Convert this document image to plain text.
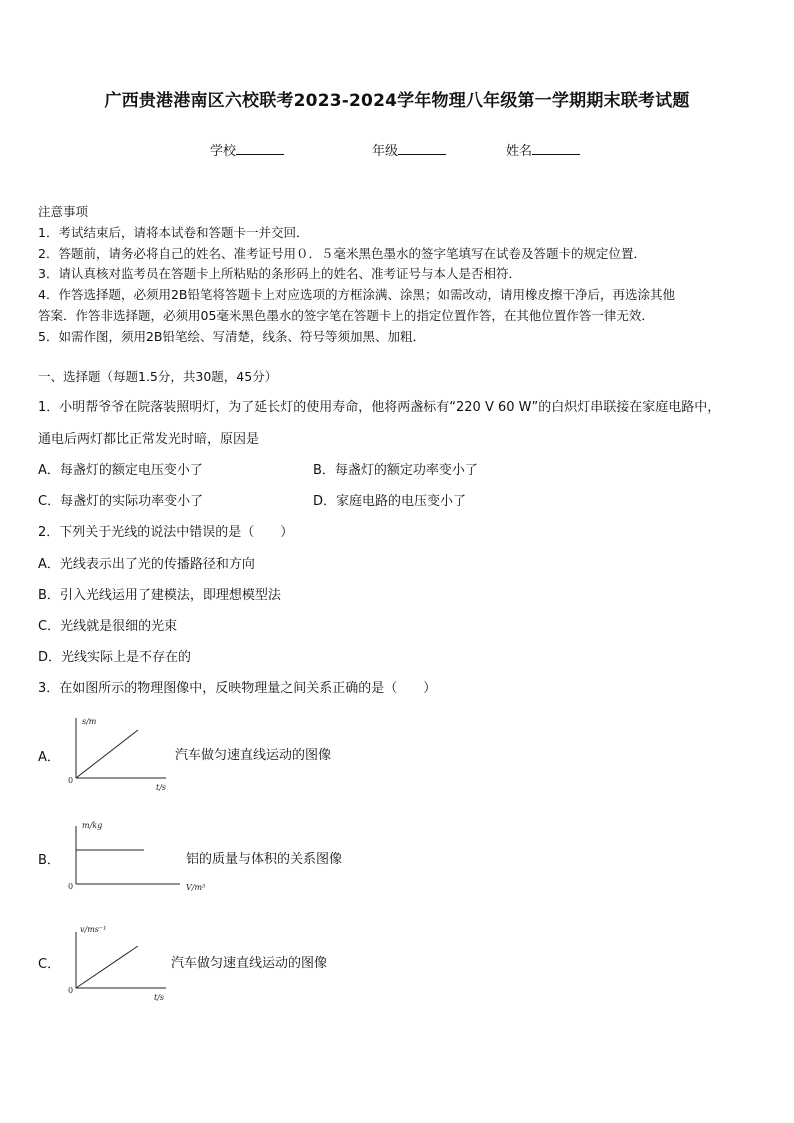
广西贵港港南区六校联考2023-2024学年物理八年级第一学期期末联考试题
学校	年级	姓名
注意事项
1．考试结束后，请将本试卷和答题卡一并交回．
2．答题前，请务必将自己的姓名、准考证号用０．５毫米黑色墨水的签字笔填写在试卷及答题卡的规定位置．
3．请认真核对监考员在答题卡上所粘贴的条形码上的姓名、准考证号与本人是否相符．
4．作答选择题，必须用2B铅笔将答题卡上对应选项的方框涂满、涂黑；如需改动，请用橡皮擦干净后，再选涂其他
答案．作答非选择题，必须用05毫米黑色墨水的签字笔在答题卡上的指定位置作答，在其他位置作答一律无效．
5．如需作图，须用2B铅笔绘、写清楚，线条、符号等须加黑、加粗．
一、选择题（每题1.5分，共30题，45分）
1．小明帮爷爷在院落装照明灯，为了延长灯的使用寿命，他将两盏标有“220 V 60 W”的白炽灯串联接在家庭电路中，
通电后两灯都比正常发光时暗，原因是
A．每盏灯的额定电压变小了	B．每盏灯的额定功率变小了
C．每盏灯的实际功率变小了	D．家庭电路的电压变小了
2．下列关于光线的说法中错误的是（　　）
A．光线表示出了光的传播路径和方向
B．引入光线运用了建模法，即理想模型法
C．光线就是很细的光束
D．光线实际上是不存在的
3．在如图所示的物理图像中，反映物理量之间关系正确的是（　　）
A．
s/m
t/s
0
汽车做匀速直线运动的图像
B．
m/kg
V/m³
0
铝的质量与体积的关系图像
C．
v/ms⁻¹
t/s
0
汽车做匀速直线运动的图像
